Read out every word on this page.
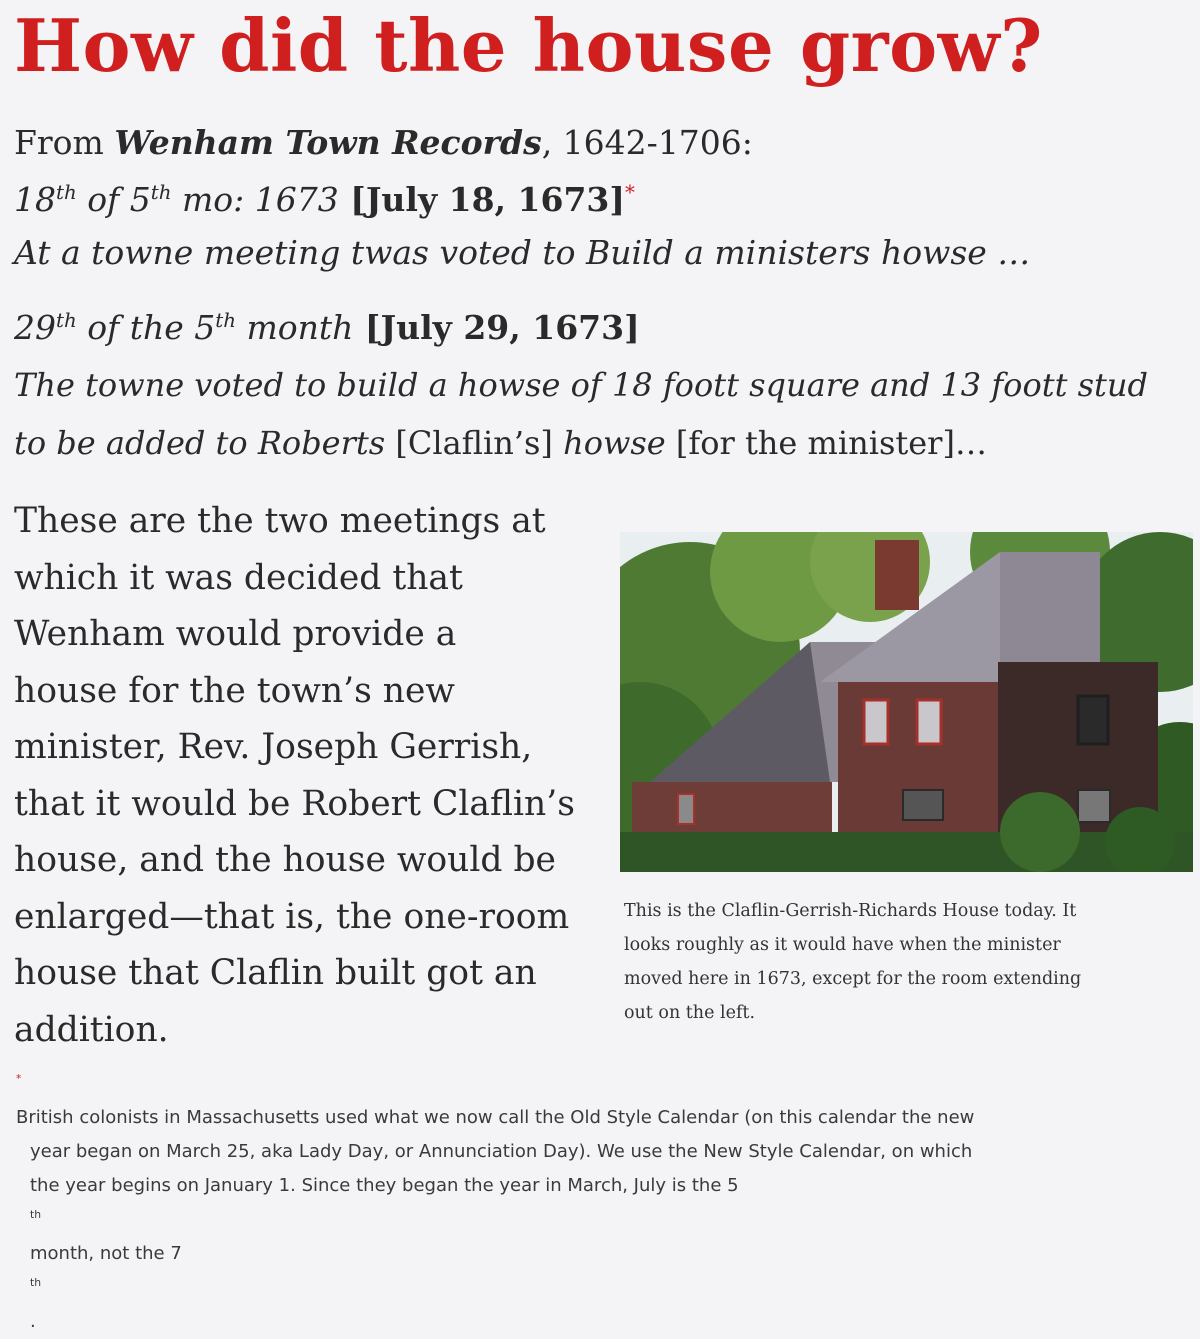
How did the house grow?
From Wenham Town Records, 1642-1706:
18th of 5th mo: 1673 [July 18, 1673]*
At a towne meeting twas voted to Build a ministers howse …
29th of the 5th month [July 29, 1673]
The towne voted to build a howse of 18 foott square and 13 foott stud
to be added to Roberts [Claflin’s] howse [for the minister]…
These are the two meetings at
which it was decided that
Wenham would provide a
house for the town’s new
minister, Rev. Joseph Gerrish,
that it would be Robert Claflin’s
house, and the house would be
enlarged—that is, the one-room
house that Claflin built got an
addition.
This is the Claflin-Gerrish-Richards House today. It
looks roughly as it would have when the minister
moved here in 1673, except for the room extending
out on the left.
*
British colonists in Massachusetts used what we now call the Old Style Calendar (on this calendar the new
year began on March 25, aka Lady Day, or Annunciation Day). We use the New Style Calendar, on which
the year begins on January 1. Since they began the year in March, July is the 5
$^{th}$
month, not the 7
$^{th}$
.
